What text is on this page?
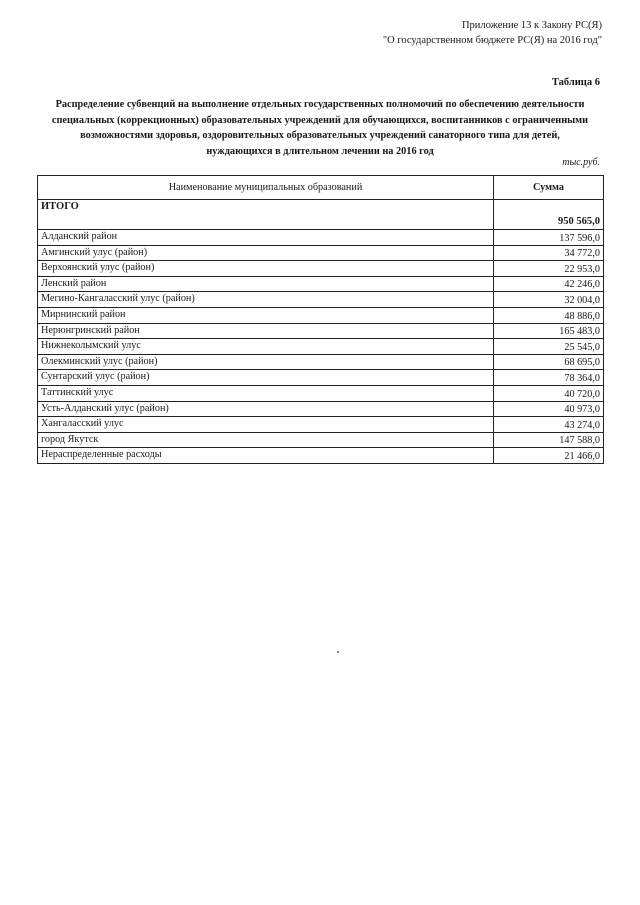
Приложение 13 к Закону РС(Я)
"О государственном бюджете РС(Я) на 2016 год"
Таблица 6
Распределение субвенций на выполнение отдельных государственных полномочий по обеспечению деятельности
специальных (коррекционных) образовательных учреждений для обучающихся, воспитанников с ограниченными
возможностями здоровья, оздоровительных образовательных учреждений санаторного типа для детей,
нуждающихся в длительном лечении на 2016 год
тыс.руб.
Наименование муниципальных образований	Сумма
ИТОГО	950 565,0
Алданский район	137 596,0
Амгинский улус (район)	34 772,0
Верхоянский улус (район)	22 953,0
Ленский район	42 246,0
Мегино-Кангаласский улус (район)	32 004,0
Мирнинский район	48 886,0
Нерюнгринский район	165 483,0
Нижнеколымский улус	25 545,0
Олекминский улус (район)	68 695,0
Сунтарский улус (район)	78 364,0
Таттинский улус	40 720,0
Усть-Алданский улус (район)	40 973,0
Хангаласский улус	43 274,0
город Якутск	147 588,0
Нераспределенные расходы	21 466,0
